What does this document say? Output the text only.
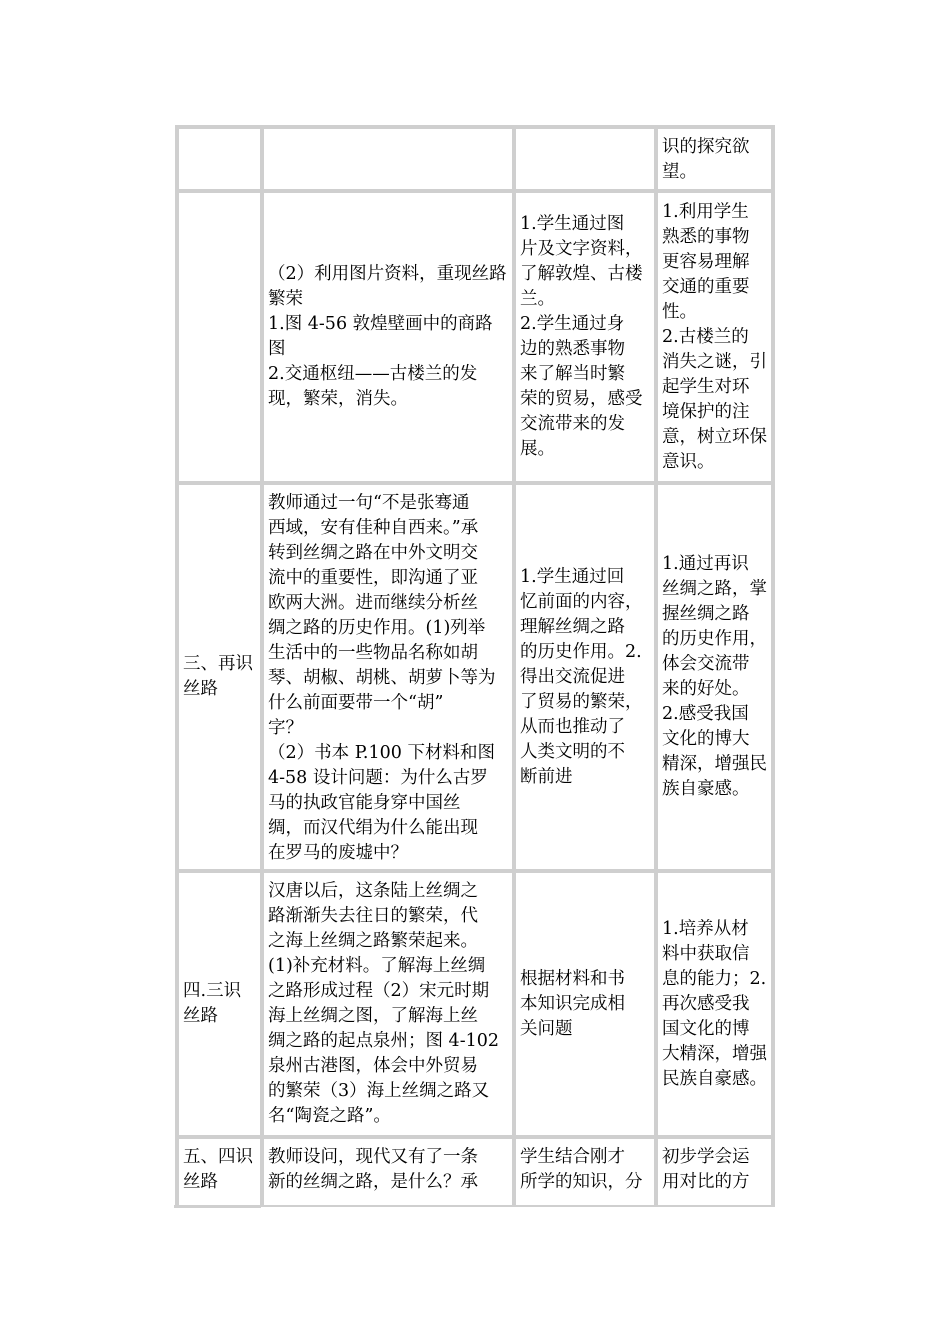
识的探究欲
望。
（2）利用图片资料，重现丝路
繁荣
1.图 4-56 敦煌壁画中的商路
图
2.交通枢纽——古楼兰的发
现，繁荣，消失。
1.学生通过图
片及文字资料，
了解敦煌、古楼
兰。
2.学生通过身
边的熟悉事物
来了解当时繁
荣的贸易，感受
交流带来的发
展。
1.利用学生
熟悉的事物
更容易理解
交通的重要
性。
2.古楼兰的
消失之谜，引
起学生对环
境保护的注
意，树立环保
意识。
三、再识
丝路
教师通过一句“不是张骞通
西域，安有佳种自西来。”承
转到丝绸之路在中外文明交
流中的重要性，即沟通了亚
欧两大洲。进而继续分析丝
绸之路的历史作用。(1)列举
生活中的一些物品名称如胡
琴、胡椒、胡桃、胡萝卜等为
什么前面要带一个“胡”
字？
（2）书本 P.100 下材料和图
4-58 设计问题：为什么古罗
马的执政官能身穿中国丝
绸，而汉代绢为什么能出现
在罗马的废墟中？
1.学生通过回
忆前面的内容，
理解丝绸之路
的历史作用。2.
得出交流促进
了贸易的繁荣，
从而也推动了
人类文明的不
断前进
1.通过再识
丝绸之路，掌
握丝绸之路
的历史作用，
体会交流带
来的好处。
2.感受我国
文化的博大
精深，增强民
族自豪感。
四.三识
丝路
汉唐以后，这条陆上丝绸之
路渐渐失去往日的繁荣，代
之海上丝绸之路繁荣起来。
(1)补充材料。了解海上丝绸
之路形成过程（2）宋元时期
海上丝绸之图，了解海上丝
绸之路的起点泉州；图 4-102
泉州古港图，体会中外贸易
的繁荣（3）海上丝绸之路又
名“陶瓷之路”。
根据材料和书
本知识完成相
关问题
1.培养从材
料中获取信
息的能力；2.
再次感受我
国文化的博
大精深，增强
民族自豪感。
五、四识
丝路
教师设问，现代又有了一条
新的丝绸之路，是什么？承
学生结合刚才
所学的知识，分
初步学会运
用对比的方
